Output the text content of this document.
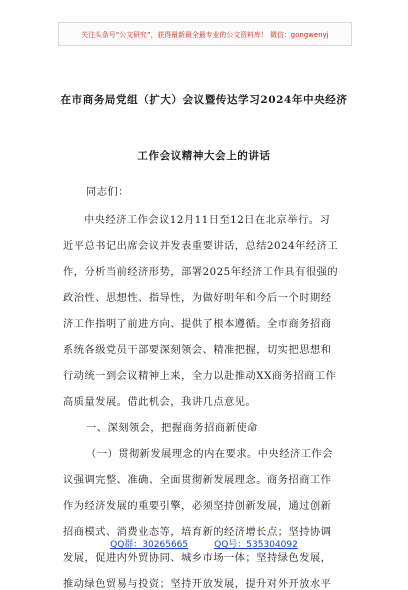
关注头条号“公文研究”，获得最新最全最专业的公文资料库！ 微信：gongwenyj
在市商务局党组（扩大）会议暨传达学习2024年中央经济
工作会议精神大会上的讲话
同志们：
中央经济工作会议12月11日至12日在北京举行。习
近平总书记出席会议并发表重要讲话，总结2024年经济工
作，分析当前经济形势，部署2025年经济工作具有很强的
政治性、思想性、指导性，为做好明年和今后一个时期经
济工作指明了前进方向、提供了根本遵循。全市商务招商
系统各级党员干部要深刻领会、精准把握，切实把思想和
行动统一到会议精神上来，全力以赴推动XX商务招商工作
高质量发展。借此机会，我讲几点意见。
一、深刻领会，把握商务招商新使命
（一）贯彻新发展理念的内在要求。中央经济工作会
议强调完整、准确、全面贯彻新发展理念。商务招商工作
作为经济发展的重要引擎，必须坚持创新发展，通过创新
招商模式、消费业态等，培育新的经济增长点；坚持协调
发展，促进内外贸协同、城乡市场一体；坚持绿色发展，
推动绿色贸易与投资；坚持开放发展，提升对外开放水平
QQ群：30265665	QQ号：535304092
